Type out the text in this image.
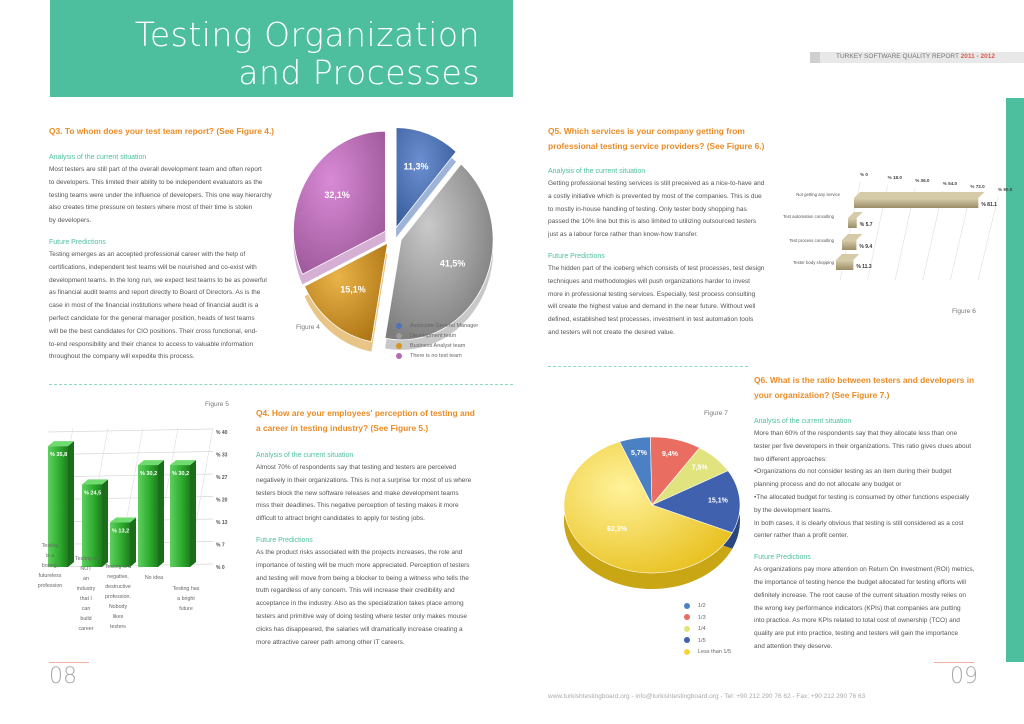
Testing Organization
and Processes	TURKEY SOFTWARE QUALITY REPORT 2011 - 2012
Q3. To whom does your test team report? (See Figure 4.)
Analysis of the current situation

Most testers are still part of the overall development team and often report

to developers. This limited their ability to be independent evaluators as the

testing teams were under the influence of developers. This one way hierarchy

also creates time pressure on testers where most of their time is stolen

by developers.

Future Predictions

Testing emerges as an accepted professional career with the help of

certifications, independent test teams will be nourished and co-exist with

development teams. In the long run, we expect test teams to be as powerful

as financial audit teams and report directly to Board of Directors. As is the

case in most of the financial institutions where head of financial audit is a

perfect candidate for the general manager position, heads of test teams

will be the best candidates for CIO positions. Their cross functional, end-

to-end responsibility and their chance to access to valuable information

throughout the company will expedite this process.

11,3%
41,5%
15,1%
32,1%
Figure 4	Associate General Manager
Development team
Business Analyst team
There is no test team
Q5. Which services is your company getting from
professional testing service providers? (See Figure 6.)
Analysis of the current situation

Getting professional testing services is still preceived as a nice-to-have and

a costly initiative which is prevented by most of the companies. This is due

to mostly in-house handling of testing. Only tester body shopping has

passed the 10% line but this is also limited to utilizing outsourced testers

just as a labour force rather than know-how transfer.

Future Predictions

The hidden part of the iceberg which consists of test processes, test design

techniques and methodologies will push organizations harder to invest

more in professional testing services. Especially, test process consulting

will create the highest value and demand in the near future. Without well

defined, established test processes, investment in test automation tools

and testers will not create the desired value.

% 0
% 18.0
% 36.0
% 54.0
% 72.0
% 90.0
% 81.1
Not getting any service
% 5.7
Test automation consulting
% 9.4
Test process consulting
% 11.3
Tester body shopping
Figure 6
Figure 5
% 0
% 7
% 13
% 20
% 27
% 33
% 40
% 35,8
% 24,5
% 13,2
% 30,2	% 30,2
Testing
is a
boring,
futureless
profession
Testing is
NOT
an
industry
that I
can
build
career
Testing is a
negative,
destructive
profession.
Nobody
likes
testers
No idea
Testing has
a bright
future
Q4. How are your employees' perception of testing and
a career in testing industry? (See Figure 5.)
Analysis of the current situation

Almost 70% of respondents say that testing and testers are perceived

negatively in their organizations. This is not a surprise for most of us where

testers block the new software releases and make development teams

miss their deadlines. This negative perception of testing makes it more

difficult to attract bright candidates to apply for testing jobs.

Future Predictions

As the product risks associated with the projects increases, the role and

importance of testing will be much more appreciated. Perception of testers

and testing will move from being a blocker to being a witness who tells the

truth regardless of any concern. This will increase their credibility and

acceptance in the industry. Also as the specialization takes place among

testers and primitive way of doing testing where tester only makes mouse

clicks has disappeared, the salaries will dramatically increase creating a

more attractive career path among other IT careers.

Figure 7
5,7% 9,4%
7,5%
15,1%
62,3%
1/2
1/3
1/4
1/5
Less than 1/5
Q6. What is the ratio between testers and developers in
your organization? (See Figure 7.)
Analysis of the current situation

More than 60% of the respondents say that they allocate less than one

tester per five developers in their organizations. This ratio gives clues about

two different approaches:

•Organizations do not consider testing as an item during their budget

planning process and do not allocate any budget or

•The allocated budget for testing is consumed by other functions especially

by the development teams.

In both cases, it is clearly obvious that testing is still considered as a cost

center rather than a profit center.

Future Predictions

As organizations pay more attention on Return On Investment (ROI) metrics,

the importance of testing hence the budget allocated for testing efforts will

definitely increase. The root cause of the current situation mostly relies on

the wrong key performance indicators (KPIs) that companies are putting

into practice. As more KPIs related to total cost of ownership (TCO) and

quality are put into practice, testing and testers will gain the importance

and attention they deserve.

08	09
www.turkishtestingboard.org - info@turkishtestingboard.org - Tel: +90 212 290 76 62 - Fax: +90 212 290 76 63
